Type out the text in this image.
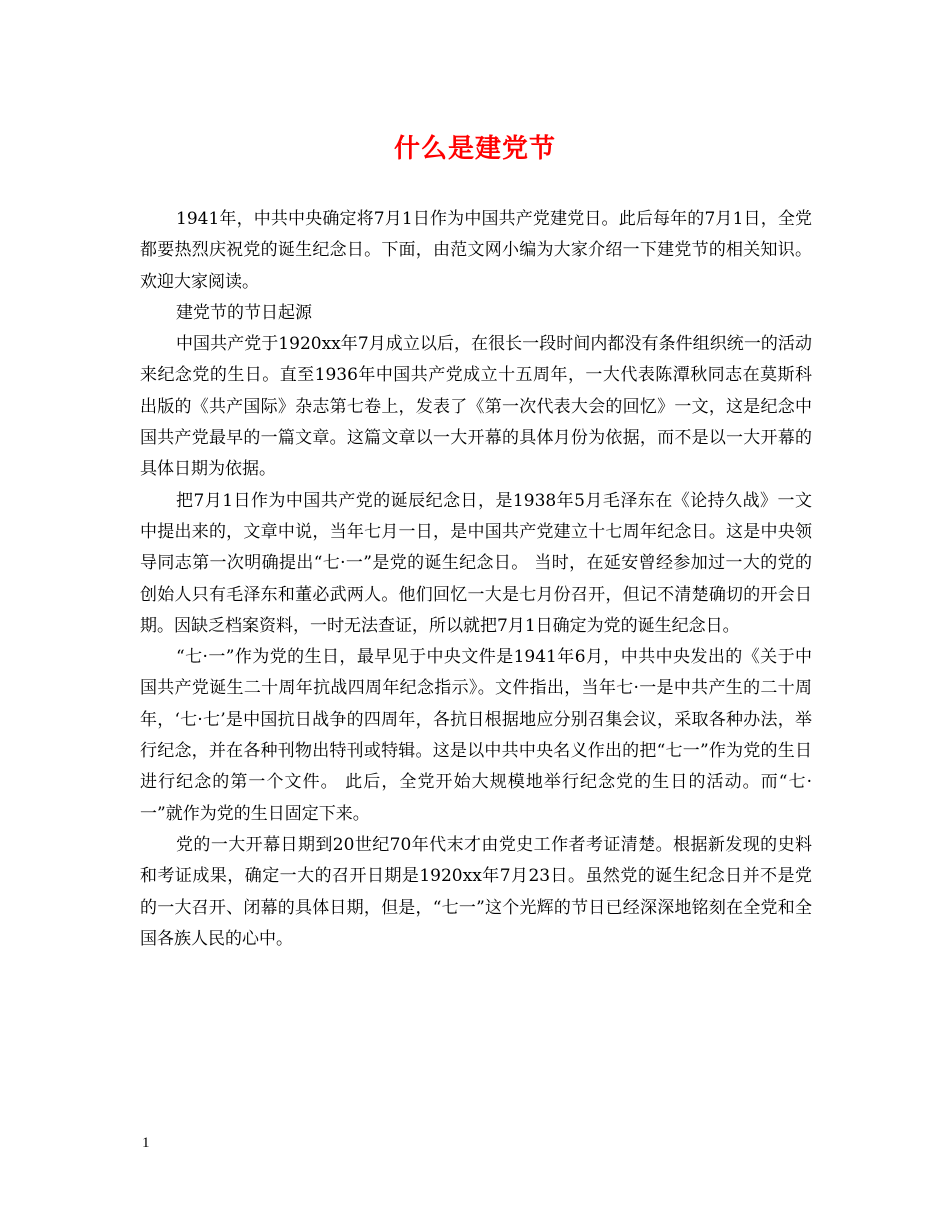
什么是建党节

1941年，中共中央确定将7月1日作为中国共产党建党日。此后每年的7月1日，全党都要热烈庆祝党的诞生纪念日。下面，由范文网小编为大家介绍一下建党节的相关知识。欢迎大家阅读。

建党节的节日起源

中国共产党于1920xx年7月成立以后，在很长一段时间内都没有条件组织统一的活动来纪念党的生日。直至1936年中国共产党成立十五周年，一大代表陈潭秋同志在莫斯科出版的《共产国际》杂志第七卷上，发表了《第一次代表大会的回忆》一文，这是纪念中国共产党最早的一篇文章。这篇文章以一大开幕的具体月份为依据，而不是以一大开幕的具体日期为依据。

把7月1日作为中国共产党的诞辰纪念日，是1938年5月毛泽东在《论持久战》一文中提出来的，文章中说，当年七月一日，是中国共产党建立十七周年纪念日。这是中央领导同志第一次明确提出“七·一”是党的诞生纪念日。 当时，在延安曾经参加过一大的党的创始人只有毛泽东和董必武两人。他们回忆一大是七月份召开，但记不清楚确切的开会日期。因缺乏档案资料，一时无法查证，所以就把7月1日确定为党的诞生纪念日。

“七·一”作为党的生日，最早见于中央文件是1941年6月，中共中央发出的《关于中国共产党诞生二十周年抗战四周年纪念指示》。文件指出，当年七·一是中共产生的二十周年，‘七·七’是中国抗日战争的四周年，各抗日根据地应分别召集会议，采取各种办法，举行纪念，并在各种刊物出特刊或特辑。这是以中共中央名义作出的把“七一”作为党的生日进行纪念的第一个文件。 此后，全党开始大规模地举行纪念党的生日的活动。而“七·一”就作为党的生日固定下来。

党的一大开幕日期到20世纪70年代末才由党史工作者考证清楚。根据新发现的史料和考证成果，确定一大的召开日期是1920xx年7月23日。虽然党的诞生纪念日并不是党的一大召开、闭幕的具体日期，但是，“七一”这个光辉的节日已经深深地铭刻在全党和全国各族人民的心中。

1
